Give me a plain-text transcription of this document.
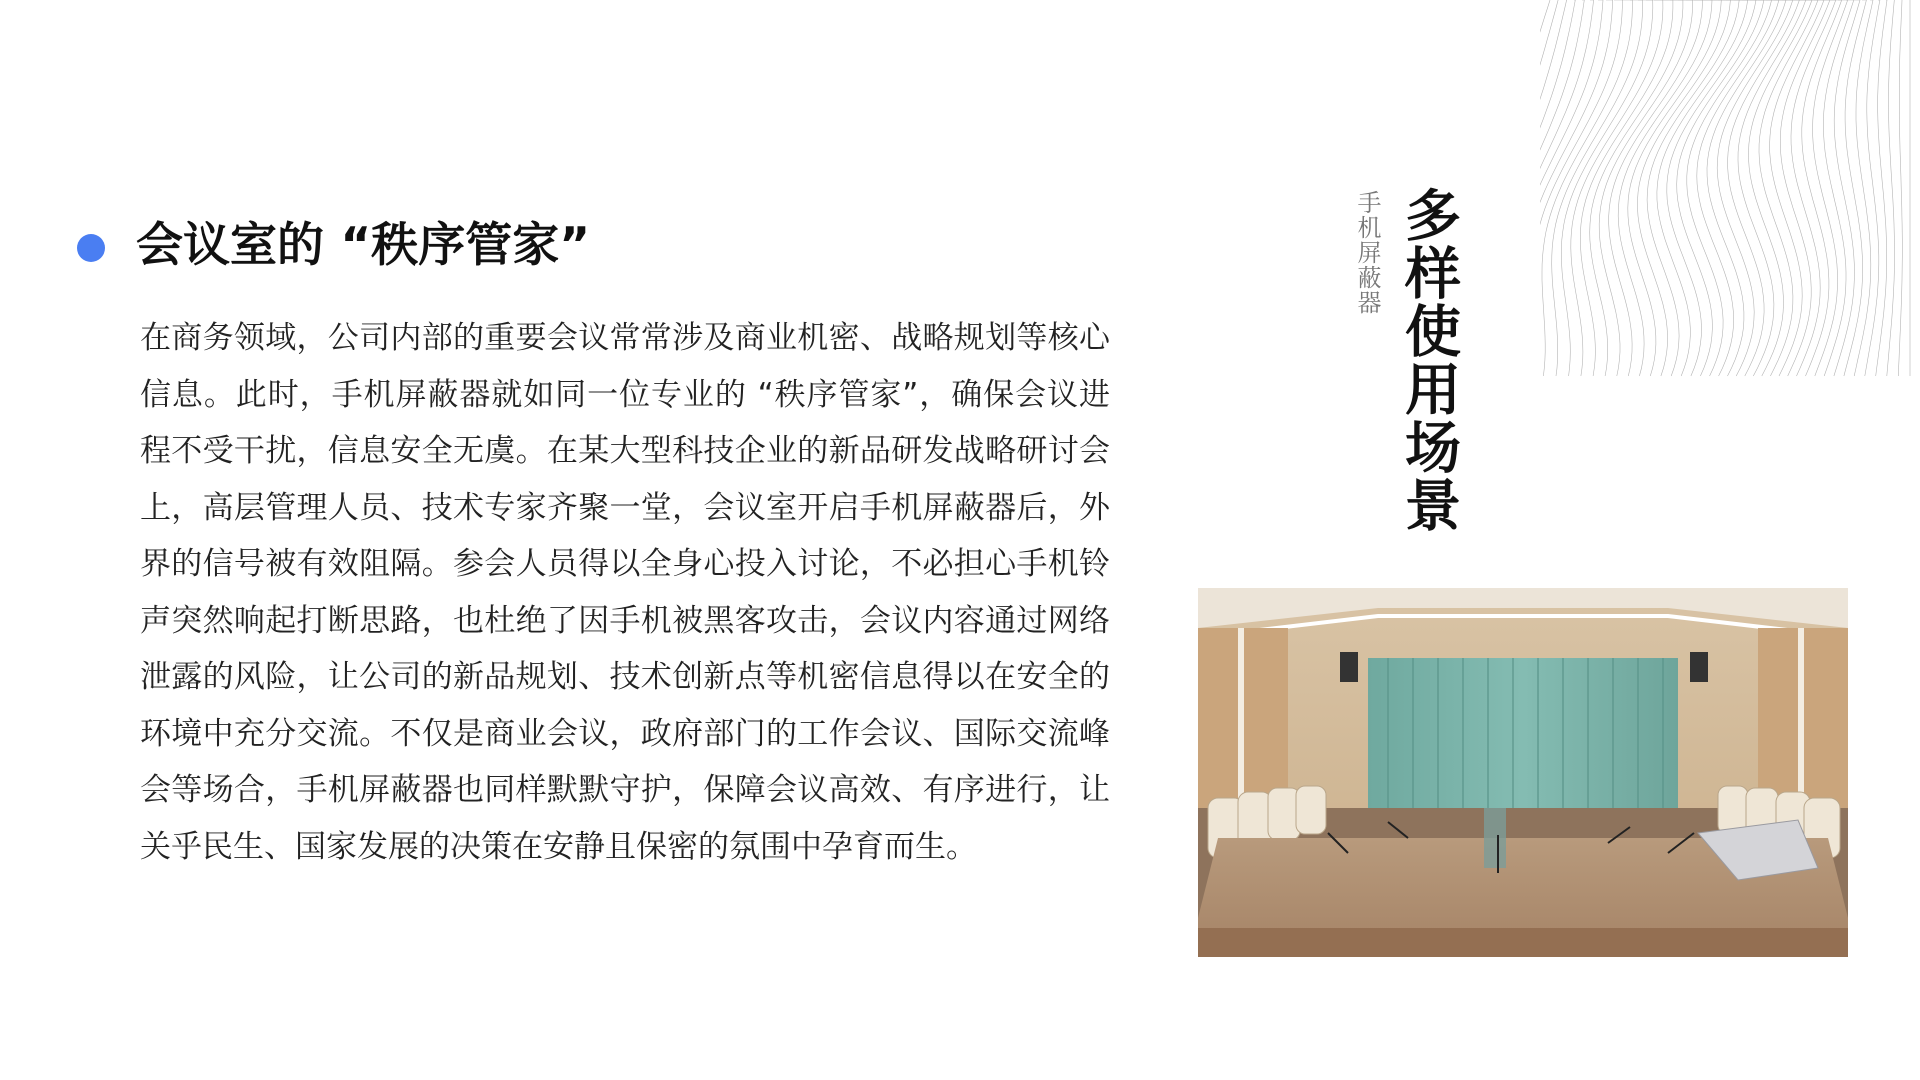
会议室的 “秩序管家”

在商务领域，公司内部的重要会议常常涉及商业机密、战略规划等核心信息。此时，手机屏蔽器就如同一位专业的 “秩序管家”，确保会议进程不受干扰，信息安全无虞。在某大型科技企业的新品研发战略研讨会上，高层管理人员、技术专家齐聚一堂，会议室开启手机屏蔽器后，外界的信号被有效阻隔。参会人员得以全身心投入讨论，不必担心手机铃声突然响起打断思路，也杜绝了因手机被黑客攻击，会议内容通过网络泄露的风险，让公司的新品规划、技术创新点等机密信息得以在安全的环境中充分交流。不仅是商业会议，政府部门的工作会议、国际交流峰会等场合，手机屏蔽器也同样默默守护，保障会议高效、有序进行，让关乎民生、国家发展的决策在安静且保密的氛围中孕育而生。

手机屏蔽器 多样使用场景
